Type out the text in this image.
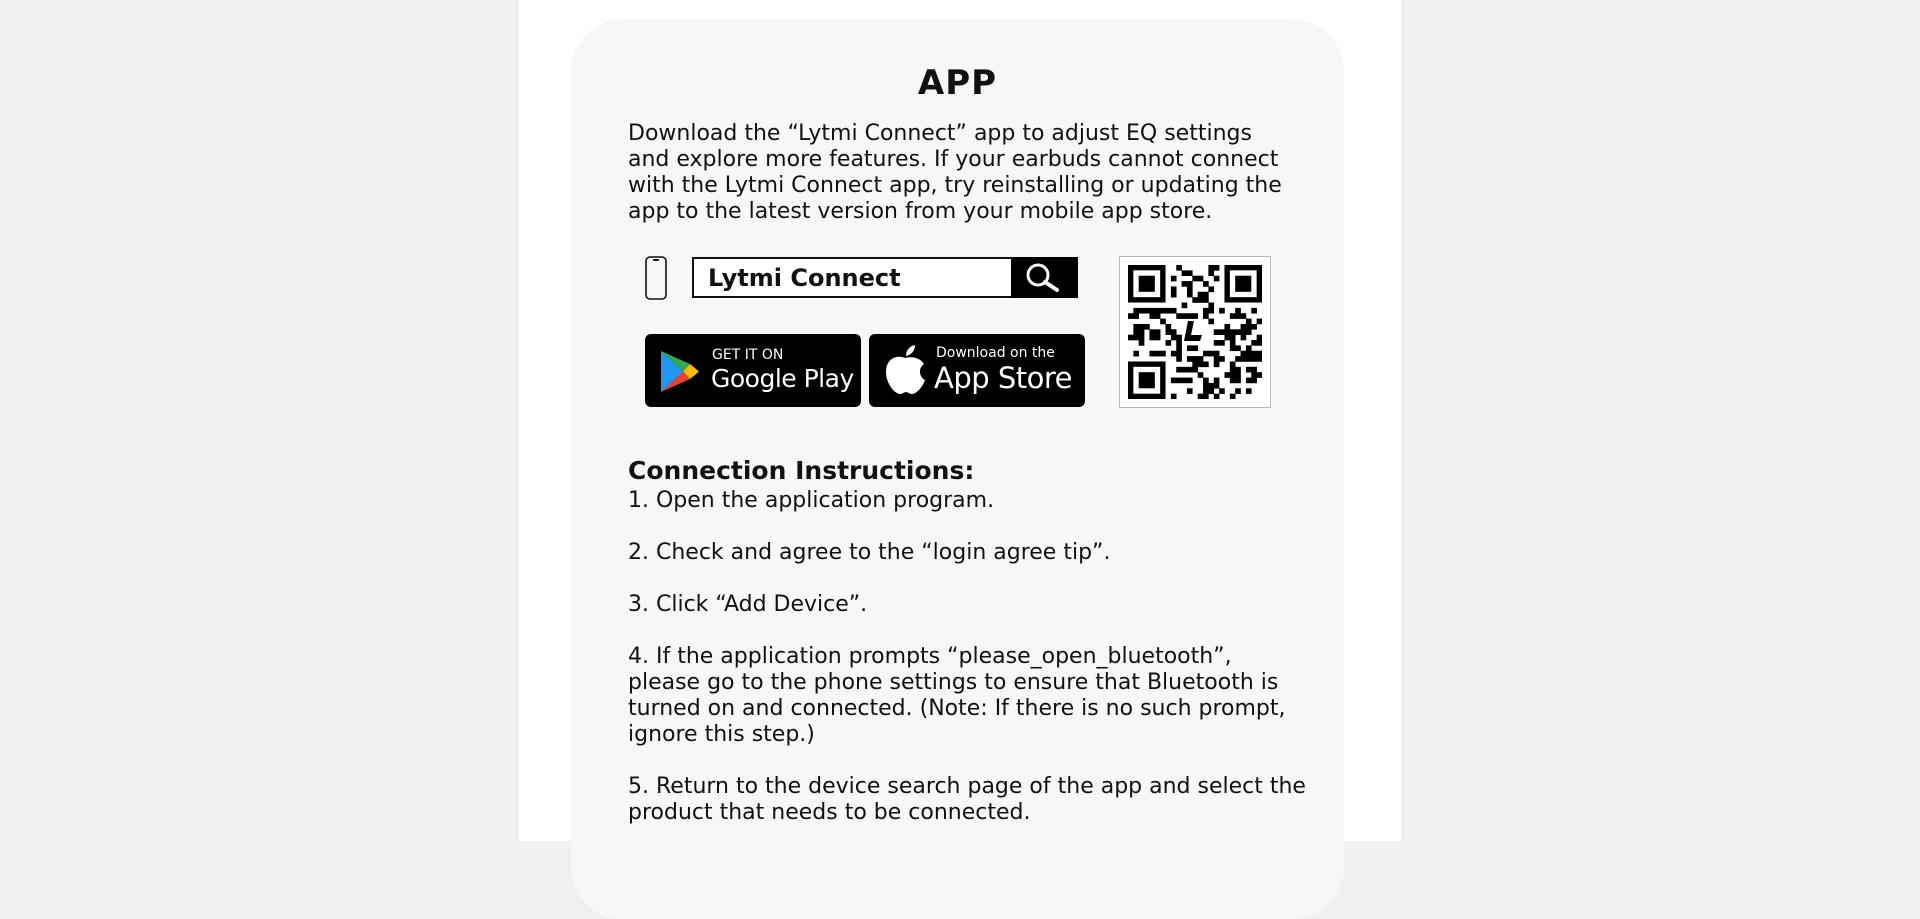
APP
Download the “Lytmi Connect” app to adjust EQ settings and explore more features. If your earbuds cannot connect with the Lytmi Connect app, try reinstalling or updating the app to the latest version from your mobile app store.
Lytmi Connect
GET IT ON
Google Play
Download on the
App Store
Connection Instructions:
1. Open the application program.
2. Check and agree to the “login agree tip”.
3. Click “Add Device”.
4. If the application prompts “please_open_bluetooth”, please go to the phone settings to ensure that Bluetooth is turned on and connected. (Note: If there is no such prompt, ignore this step.)
5. Return to the device search page of the app and select the product that needs to be connected.
